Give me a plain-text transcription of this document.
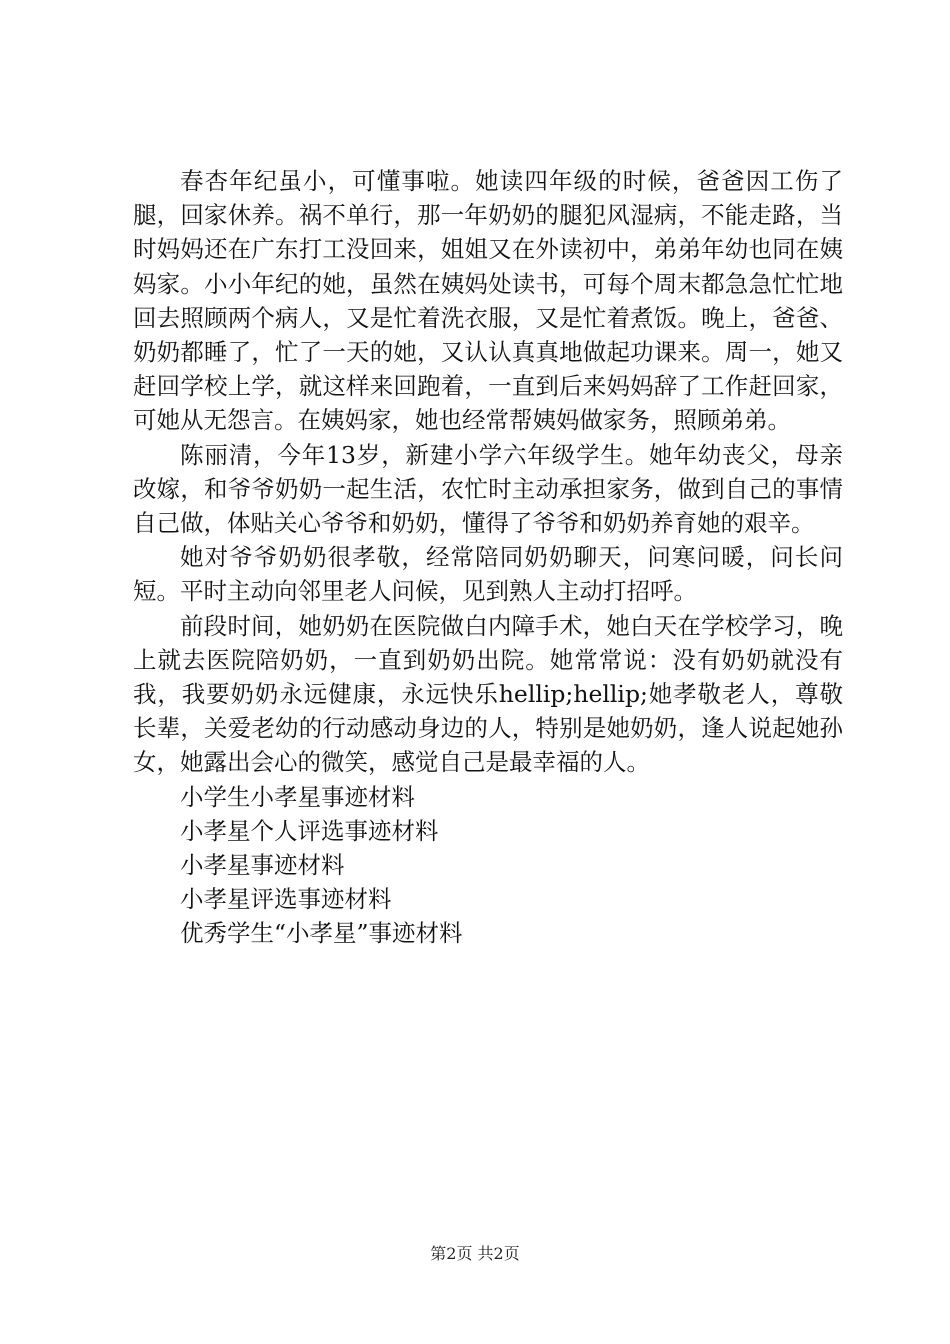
春杏年纪虽小，可懂事啦。她读四年级的时候，爸爸因工伤了腿，回家休养。祸不单行，那一年奶奶的腿犯风湿病，不能走路，当时妈妈还在广东打工没回来，姐姐又在外读初中，弟弟年幼也同在姨妈家。小小年纪的她，虽然在姨妈处读书，可每个周末都急急忙忙地回去照顾两个病人，又是忙着洗衣服，又是忙着煮饭。晚上，爸爸、奶奶都睡了，忙了一天的她，又认认真真地做起功课来。周一，她又赶回学校上学，就这样来回跑着，一直到后来妈妈辞了工作赶回家，可她从无怨言。在姨妈家，她也经常帮姨妈做家务，照顾弟弟。

陈丽清，今年13岁，新建小学六年级学生。她年幼丧父，母亲改嫁，和爷爷奶奶一起生活，农忙时主动承担家务，做到自己的事情自己做，体贴关心爷爷和奶奶，懂得了爷爷和奶奶养育她的艰辛。

她对爷爷奶奶很孝敬，经常陪同奶奶聊天，问寒问暖，问长问短。平时主动向邻里老人问候，见到熟人主动打招呼。

前段时间，她奶奶在医院做白内障手术，她白天在学校学习，晚上就去医院陪奶奶，一直到奶奶出院。她常常说：没有奶奶就没有我，我要奶奶永远健康，永远快乐hellip;hellip;她孝敬老人，尊敬长辈，关爱老幼的行动感动身边的人，特别是她奶奶，逢人说起她孙女，她露出会心的微笑，感觉自己是最幸福的人。

小学生小孝星事迹材料
小孝星个人评选事迹材料
小孝星事迹材料
小孝星评选事迹材料
优秀学生“小孝星”事迹材料
第2页 共2页
